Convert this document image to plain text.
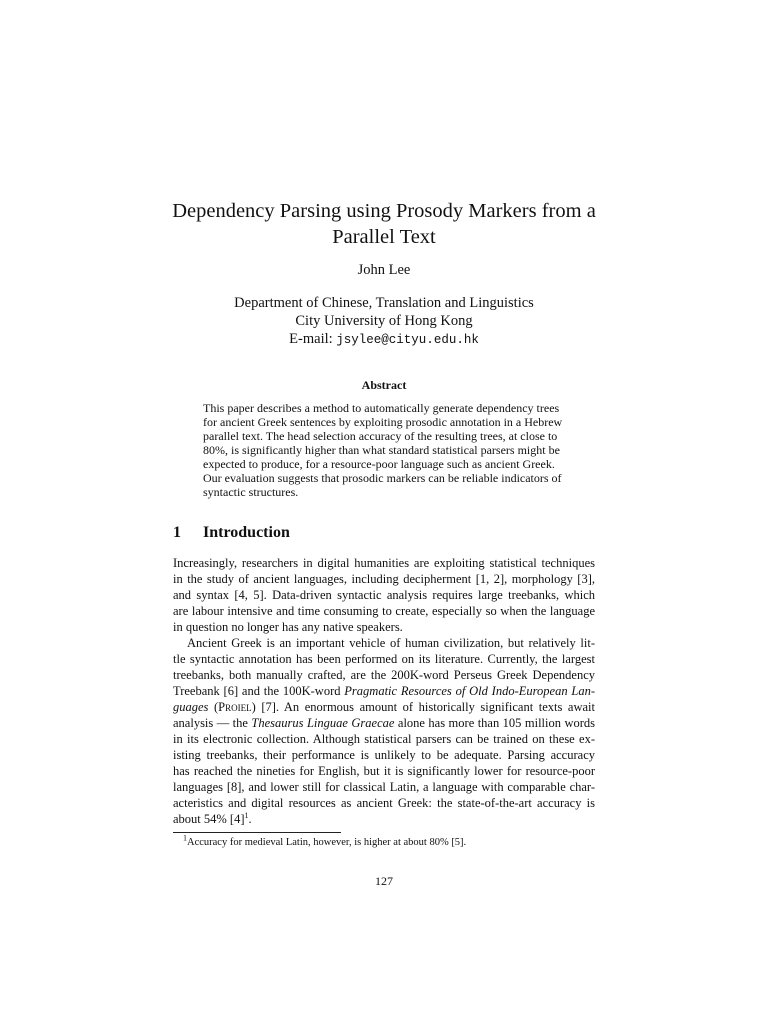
Dependency Parsing using Prosody Markers from a
Parallel Text
John Lee
Department of Chinese, Translation and Linguistics
City University of Hong Kong
E-mail: jsylee@cityu.edu.hk
Abstract
This paper describes a method to automatically generate dependency trees
for ancient Greek sentences by exploiting prosodic annotation in a Hebrew
parallel text. The head selection accuracy of the resulting trees, at close to
80%, is significantly higher than what standard statistical parsers might be
expected to produce, for a resource-poor language such as ancient Greek.
Our evaluation suggests that prosodic markers can be reliable indicators of
syntactic structures.
1 Introduction
Increasingly, researchers in digital humanities are exploiting statistical techniques
in the study of ancient languages, including decipherment [1, 2], morphology [3],
and syntax [4, 5]. Data-driven syntactic analysis requires large treebanks, which
are labour intensive and time consuming to create, especially so when the language
in question no longer has any native speakers.
Ancient Greek is an important vehicle of human civilization, but relatively lit-
tle syntactic annotation has been performed on its literature. Currently, the largest
treebanks, both manually crafted, are the 200K-word Perseus Greek Dependency
Treebank [6] and the 100K-word Pragmatic Resources of Old Indo-European Lan-
guages (Proiel) [7]. An enormous amount of historically significant texts await
analysis — the Thesaurus Linguae Graecae alone has more than 105 million words
in its electronic collection. Although statistical parsers can be trained on these ex-
isting treebanks, their performance is unlikely to be adequate. Parsing accuracy
has reached the nineties for English, but it is significantly lower for resource-poor
languages [8], and lower still for classical Latin, a language with comparable char-
acteristics and digital resources as ancient Greek: the state-of-the-art accuracy is
about 54% $[4]^1$.
$^1$Accuracy for medieval Latin, however, is higher at about 80% [5].
127
